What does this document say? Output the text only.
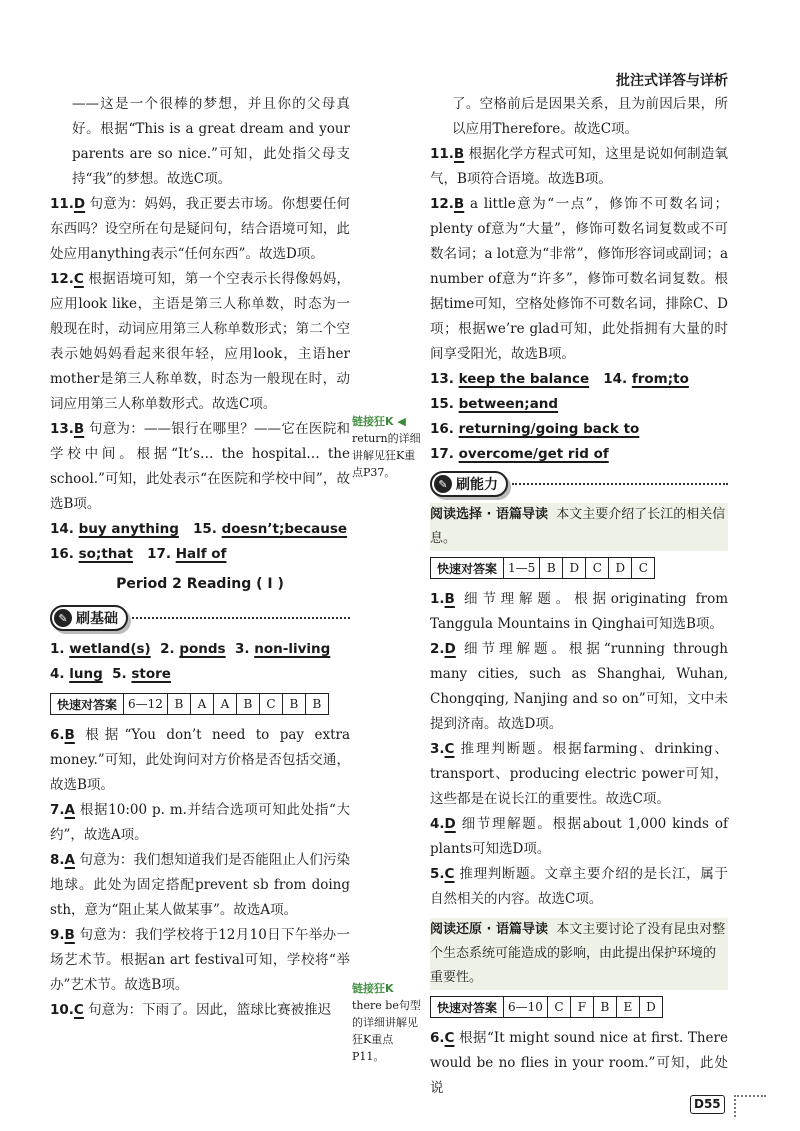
批注式详答与详析

——这是一个很棒的梦想，并且你的父母真好。根据“This is a great dream and your parents are so nice.”可知，此处指父母支持“我”的梦想。故选C项。

11.D 句意为：妈妈，我正要去市场。你想要任何东西吗？设空所在句是疑问句，结合语境可知，此处应用anything表示“任何东西”。故选D项。

12.C 根据语境可知，第一个空表示长得像妈妈，应用look like，主语是第三人称单数，时态为一般现在时，动词应用第三人称单数形式；第二个空表示她妈妈看起来很年轻，应用look，主语her mother是第三人称单数，时态为一般现在时，动词应用第三人称单数形式。故选C项。

13.B 句意为：——银行在哪里？——它在医院和学校中间。根据“It’s… the hospital… the school.”可知，此处表示“在医院和学校中间”，故选B项。

14. buy anything 15. doesn’t;because
16. so;that 17. Half of
Period 2 Reading ( Ⅰ )
✎ 刷基础
1. wetland(s) 2. ponds 3. non-living
4. lung 5. store
快速对答案	6—12	B	A	A	B	C	B	B

6.B 根据“You don’t need to pay extra money.”可知，此处询问对方价格是否包括交通，故选B项。

7.A 根据10:00 p. m.并结合选项可知此处指“大约”，故选A项。

8.A 句意为：我们想知道我们是否能阻止人们污染地球。此处为固定搭配prevent sb from doing sth，意为“阻止某人做某事”。故选A项。

9.B 句意为：我们学校将于12月10日下午举办一场艺术节。根据an art festival可知，学校将“举办”艺术节。故选B项。

10.C 句意为：下雨了。因此，篮球比赛被推迟

链接狂K ◀
return的详细讲解见狂K重点P37。
链接狂K
there be句型的详细讲解见狂K重点P11。

了。空格前后是因果关系，且为前因后果，所以应用Therefore。故选C项。

11.B 根据化学方程式可知，这里是说如何制造氧气，B项符合语境。故选B项。

12.B a little意为“一点”，修饰不可数名词；plenty of意为“大量”，修饰可数名词复数或不可数名词；a lot意为“非常”，修饰形容词或副词；a number of意为“许多”，修饰可数名词复数。根据time可知，空格处修饰不可数名词，排除C、D项；根据we’re glad可知，此处指拥有大量的时间享受阳光，故选B项。

13. keep the balance 14. from;to
15. between;and
16. returning/going back to
17. overcome/get rid of
✎ 刷能力
阅读选择 · 语篇导读 本文主要介绍了长江的相关信息。
快速对答案	1—5	B	D	C	D	C

1.B 细节理解题。根据originating from Tanggula Mountains in Qinghai可知选B项。

2.D 细节理解题。根据“running through many cities, such as Shanghai, Wuhan, Chongqing, Nanjing and so on”可知，文中未提到济南。故选D项。

3.C 推理判断题。根据farming、drinking、transport、producing electric power可知，这些都是在说长江的重要性。故选C项。

4.D 细节理解题。根据about 1,000 kinds of plants可知选D项。

5.C 推理判断题。文章主要介绍的是长江，属于自然相关的内容。故选C项。

阅读还原 · 语篇导读 本文主要讨论了没有昆虫对整个生态系统可能造成的影响，由此提出保护环境的重要性。
快速对答案	6—10	C	F	B	E	D

6.C 根据“It might sound nice at first. There would be no flies in your room.”可知，此处说

D55
